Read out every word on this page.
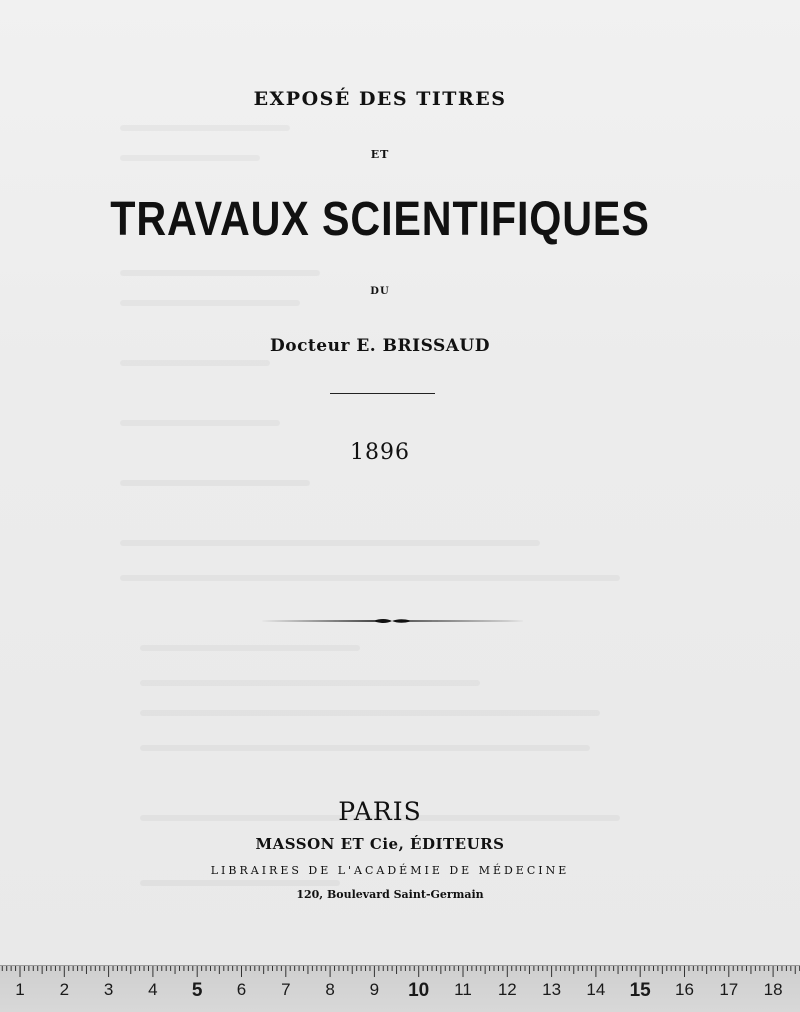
EXPOSÉ DES TITRES
ET
TRAVAUX SCIENTIFIQUES
DU
Docteur E. BRISSAUD
1896
PARIS
MASSON ET Cie, ÉDITEURS
LIBRAIRES DE L'ACADÉMIE DE MÉDECINE
120, Boulevard Saint-Germain
1 2 3 4 5 6 7 8 9 10 11 12 13 14 15 16 17 18
